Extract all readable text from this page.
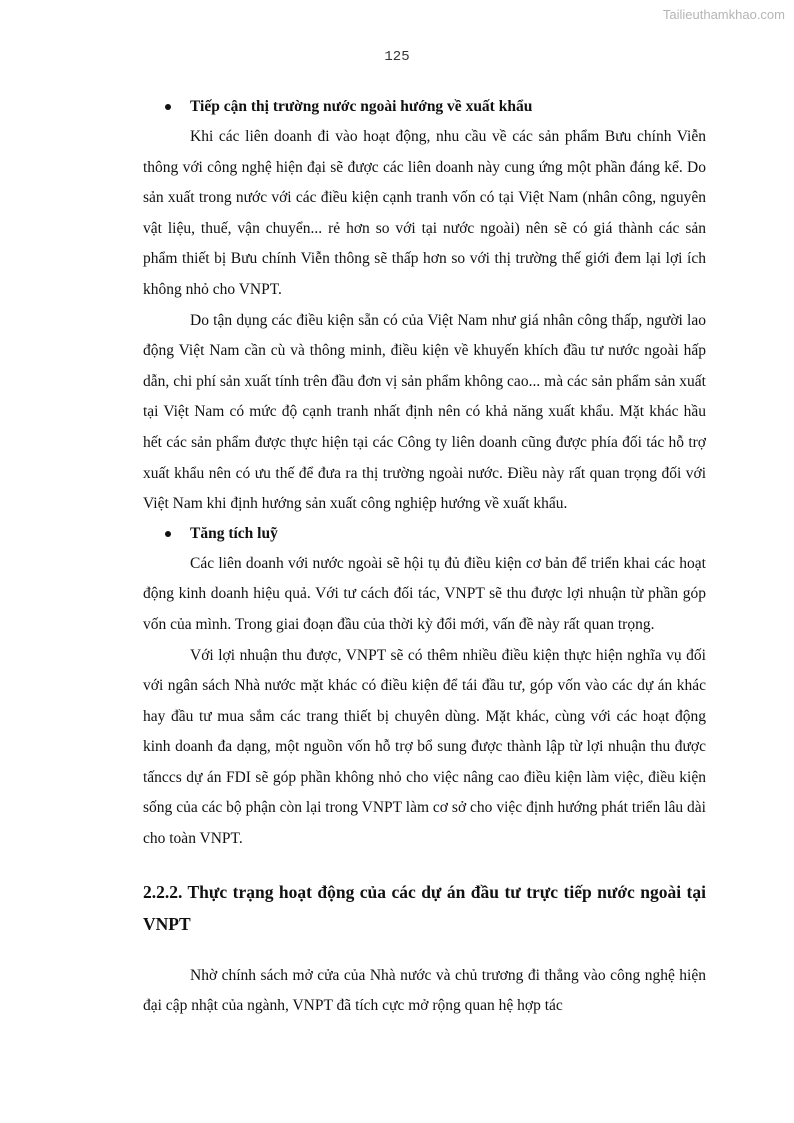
Tailieuthamkhao.com
125
Tiếp cận thị trường nước ngoài hướng về xuất khẩu

Khi các liên doanh đi vào hoạt động, nhu cầu về các sản phẩm Bưu chính Viễn thông với công nghệ hiện đại sẽ được các liên doanh này cung ứng một phần đáng kể. Do sản xuất trong nước với các điều kiện cạnh tranh vốn có tại Việt Nam (nhân công, nguyên vật liệu, thuế, vận chuyển... rẻ hơn so với tại nước ngoài) nên sẽ có giá thành các sản phẩm thiết bị Bưu chính Viễn thông sẽ thấp hơn so với thị trường thế giới đem lại lợi ích không nhỏ cho VNPT.

Do tận dụng các điều kiện sẵn có của Việt Nam như giá nhân công thấp, người lao động Việt Nam cần cù và thông minh, điều kiện về khuyến khích đầu tư nước ngoài hấp dẫn, chi phí sản xuất tính trên đầu đơn vị sản phẩm không cao... mà các sản phẩm sản xuất tại Việt Nam có mức độ cạnh tranh nhất định nên có khả năng xuất khẩu. Mặt khác hầu hết các sản phẩm được thực hiện tại các Công ty liên doanh cũng được phía đối tác hỗ trợ xuất khẩu nên có ưu thế để đưa ra thị trường ngoài nước. Điều này rất quan trọng đối với Việt Nam khi định hướng sản xuất công nghiệp hướng về xuất khẩu.

Tăng tích luỹ

Các liên doanh với nước ngoài sẽ hội tụ đủ điều kiện cơ bản để triển khai các hoạt động kinh doanh hiệu quả. Với tư cách đối tác, VNPT sẽ thu được lợi nhuận từ phần góp vốn của mình. Trong giai đoạn đầu của thời kỳ đổi mới, vấn đề này rất quan trọng.

Với lợi nhuận thu được, VNPT sẽ có thêm nhiều điều kiện thực hiện nghĩa vụ đối với ngân sách Nhà nước mặt khác có điều kiện để tái đầu tư, góp vốn vào các dự án khác hay đầu tư mua sắm các trang thiết bị chuyên dùng. Mặt khác, cùng với các hoạt động kinh doanh đa dạng, một nguồn vốn hỗ trợ bổ sung được thành lập từ lợi nhuận thu được tấnccs dự án FDI sẽ góp phần không nhỏ cho việc nâng cao điều kiện làm việc, điều kiện sống của các bộ phận còn lại trong VNPT làm cơ sở cho việc định hướng phát triển lâu dài cho toàn VNPT.

2.2.2. Thực trạng hoạt động của các dự án đầu tư trực tiếp nước ngoài tại VNPT

Nhờ chính sách mở cửa của Nhà nước và chủ trương đi thẳng vào công nghệ hiện đại cập nhật của ngành, VNPT đã tích cực mở rộng quan hệ hợp tác
